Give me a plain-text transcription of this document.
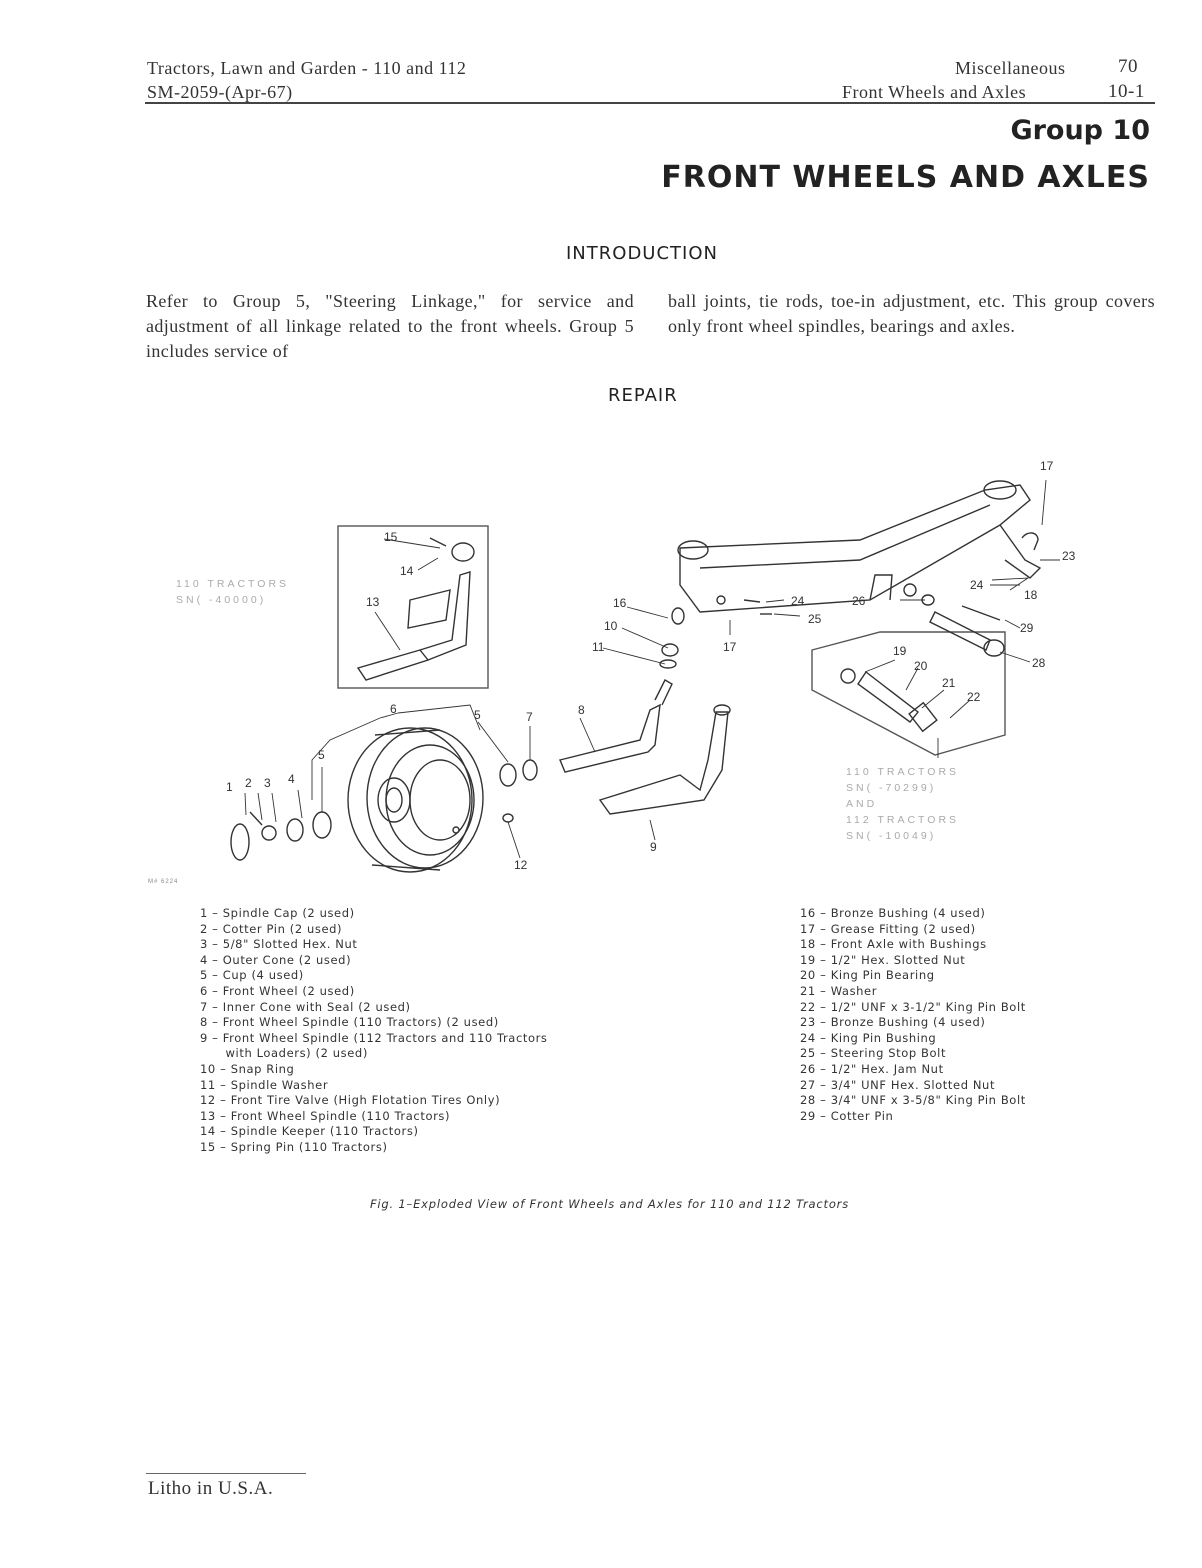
Tractors, Lawn and Garden - 110 and 112
SM-2059-(Apr-67)
Miscellaneous
Front Wheels and Axles
70
10-1
Group 10
FRONT WHEELS AND AXLES
INTRODUCTION
Refer to Group 5, "Steering Linkage," for service and adjustment of all linkage related to the front wheels. Group 5 includes service of
ball joints, tie rods, toe-in adjustment, etc. This group covers only front wheel spindles, bearings and axles.
REPAIR
15
14
13	16
10
11	17
24
25
26
17
23
24
18
29
28
19
20
21
22
6	5	7	8
5
1 2 3 4
12
9
110 TRACTORS
SN( -40000)
110 TRACTORS
SN( -70299)
AND
112 TRACTORS
SN( -10049)
M# 6224
1 – Spindle Cap (2 used)
2 – Cotter Pin (2 used)
3 – 5/8" Slotted Hex. Nut
4 – Outer Cone (2 used)
5 – Cup (4 used)
6 – Front Wheel (2 used)
7 – Inner Cone with Seal (2 used)
8 – Front Wheel Spindle (110 Tractors) (2 used)
9 – Front Wheel Spindle (112 Tractors and 110 Tractors
with Loaders) (2 used)
10 – Snap Ring
11 – Spindle Washer
12 – Front Tire Valve (High Flotation Tires Only)
13 – Front Wheel Spindle (110 Tractors)
14 – Spindle Keeper (110 Tractors)
15 – Spring Pin (110 Tractors)
16 – Bronze Bushing (4 used)
17 – Grease Fitting (2 used)
18 – Front Axle with Bushings
19 – 1/2" Hex. Slotted Nut
20 – King Pin Bearing
21 – Washer
22 – 1/2" UNF x 3-1/2" King Pin Bolt
23 – Bronze Bushing (4 used)
24 – King Pin Bushing
25 – Steering Stop Bolt
26 – 1/2" Hex. Jam Nut
27 – 3/4" UNF Hex. Slotted Nut
28 – 3/4" UNF x 3-5/8" King Pin Bolt
29 – Cotter Pin
Fig. 1–Exploded View of Front Wheels and Axles for 110 and 112 Tractors
Litho in U.S.A.
